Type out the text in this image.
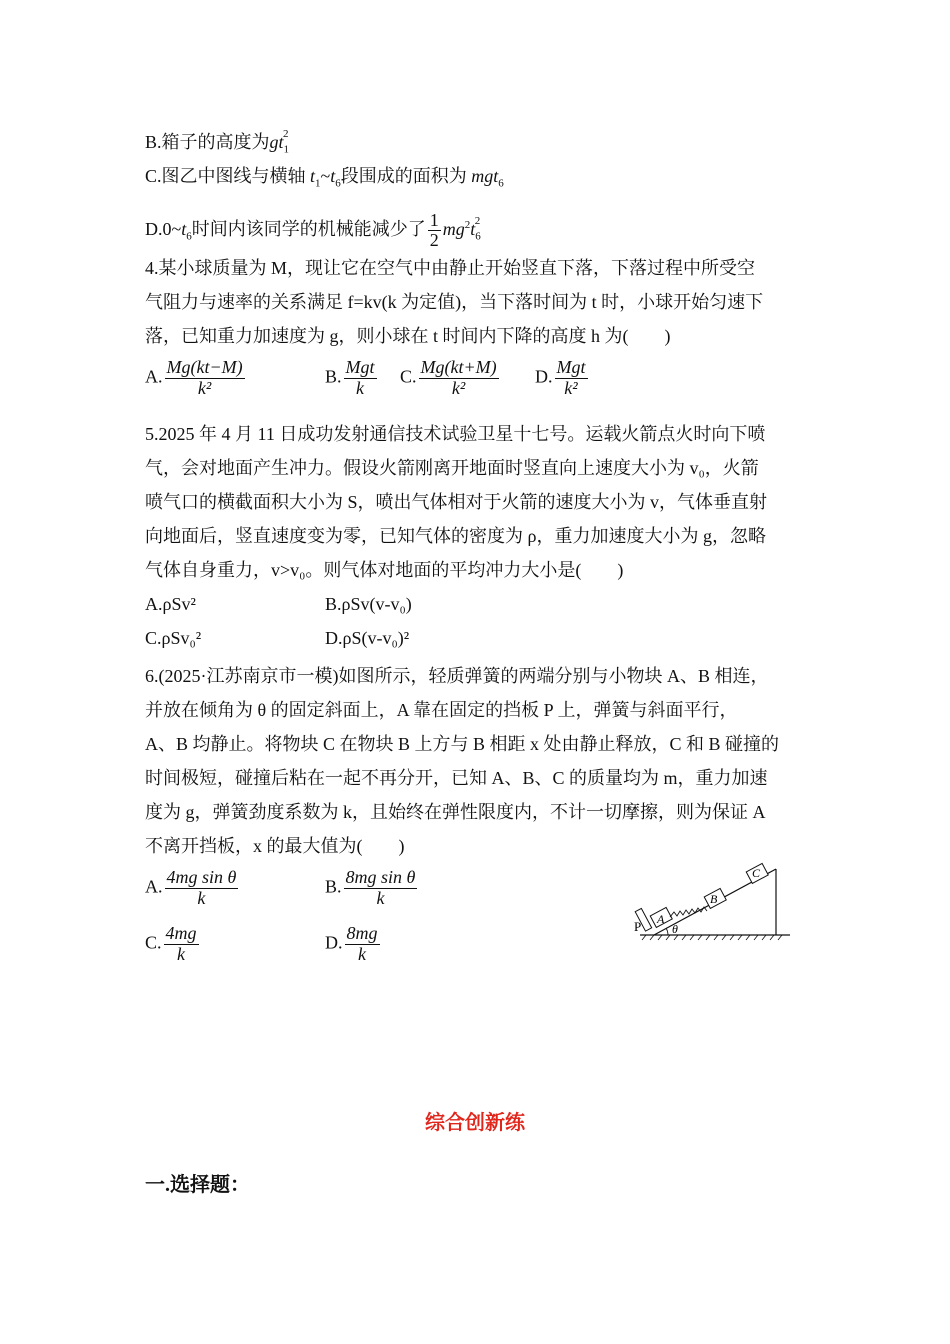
B.箱子的高度为$gt_1^2$
C.图乙中图线与横轴 $t_1\sim t_6$段围成的面积为 mgt$_6$
$D.0\sim t_6$时间内该同学的机械能减少了 $\frac{1}{2} mg^2t_6^2$
4.某小球质量为 M，现让它在空气中由静止开始竖直下落，下落过程中所受空
气阻力与速率的关系满足 f=kv(k 为定值)，当下落时间为 t 时，小球开始匀速下
落，已知重力加速度为 g，则小球在 t 时间内下降的高度 h 为(　　)
A. $\frac{Mg(kt-M)}{\text{k²}}$	B. $\frac{\text{Mgt}}{k} C$. $\frac{Mg(kt+M)}{\text{k²}} D$. $\frac{\text{Mgt}}{\text{k²}}$
5.2025 年 4 月 11 日成功发射通信技术试验卫星十七号。运载火箭点火时向下喷
气，会对地面产生冲力。假设火箭刚离开地面时竖直向上速度大小为 v₀，火箭
喷气口的横截面积大小为 S，喷出气体相对于火箭的速度大小为 v，气体垂直射
向地面后，竖直速度变为零，已知气体的密度为 ρ，重力加速度大小为 g，忽略
气体自身重力，v>v₀。则气体对地面的平均冲力大小是(　　)
A.ρSv²	B.ρSv(v-v₀)
C.ρSv₀²	D.ρS(v-v₀)²
6.(2025·江苏南京市一模)如图所示，轻质弹簧的两端分别与小物块 A、B 相连，
并放在倾角为 θ 的固定斜面上，A 靠在固定的挡板 P 上，弹簧与斜面平行，
A、B 均静止。将物块 C 在物块 B 上方与 B 相距 x 处由静止释放，C 和 B 碰撞的
时间极短，碰撞后粘在一起不再分开，已知 A、B、C 的质量均为 m，重力加速
度为 g，弹簧劲度系数为 k，且始终在弹性限度内，不计一切摩擦，则为保证 A
不离开挡板，x 的最大值为(　　)
A. $\frac{\text{4mg sin θ}}{k}$	B. $\frac{\text{8mg sin θ}}{k}$
C. $\frac{4mg}{k}$	D. $\frac{8mg}{k}$	P A
B
C
θ
综合创新练
一.选择题：
